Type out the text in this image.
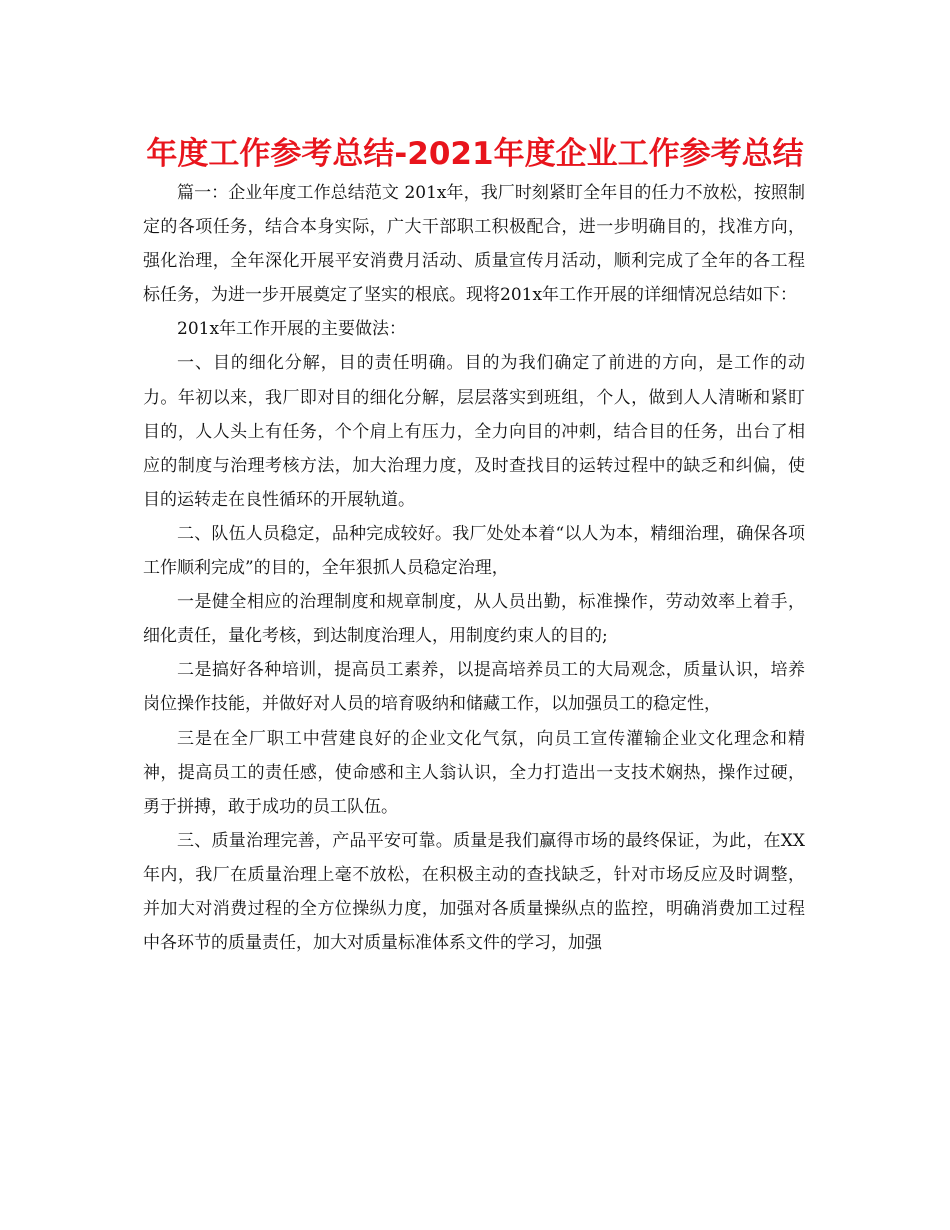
年度工作参考总结-2021年度企业工作参考总结

篇一：企业年度工作总结范文 201x年，我厂时刻紧盯全年目的任力不放松，按照制定的各项任务，结合本身实际，广大干部职工积极配合，进一步明确目的，找准方向，强化治理，全年深化开展平安消费月活动、质量宣传月活动，顺利完成了全年的各工程标任务，为进一步开展奠定了坚实的根底。现将201x年工作开展的详细情况总结如下：

201x年工作开展的主要做法：

一、目的细化分解，目的责任明确。目的为我们确定了前进的方向，是工作的动力。年初以来，我厂即对目的细化分解，层层落实到班组，个人，做到人人清晰和紧盯目的，人人头上有任务，个个肩上有压力，全力向目的冲刺，结合目的任务，出台了相应的制度与治理考核方法，加大治理力度，及时查找目的运转过程中的缺乏和纠偏，使目的运转走在良性循环的开展轨道。

二、队伍人员稳定，品种完成较好。我厂处处本着“以人为本，精细治理，确保各项工作顺利完成”的目的，全年狠抓人员稳定治理，

一是健全相应的治理制度和规章制度，从人员出勤，标准操作，劳动效率上着手，细化责任，量化考核，到达制度治理人，用制度约束人的目的;

二是搞好各种培训，提高员工素养，以提高培养员工的大局观念，质量认识，培养岗位操作技能，并做好对人员的培育吸纳和储藏工作，以加强员工的稳定性，

三是在全厂职工中营建良好的企业文化气氛，向员工宣传灌输企业文化理念和精神，提高员工的责任感，使命感和主人翁认识，全力打造出一支技术娴热，操作过硬，勇于拼搏，敢于成功的员工队伍。

三、质量治理完善，产品平安可靠。质量是我们赢得市场的最终保证，为此，在XX年内，我厂在质量治理上毫不放松，在积极主动的查找缺乏，针对市场反应及时调整，并加大对消费过程的全方位操纵力度，加强对各质量操纵点的监控，明确消费加工过程中各环节的质量责任，加大对质量标准体系文件的学习，加强
